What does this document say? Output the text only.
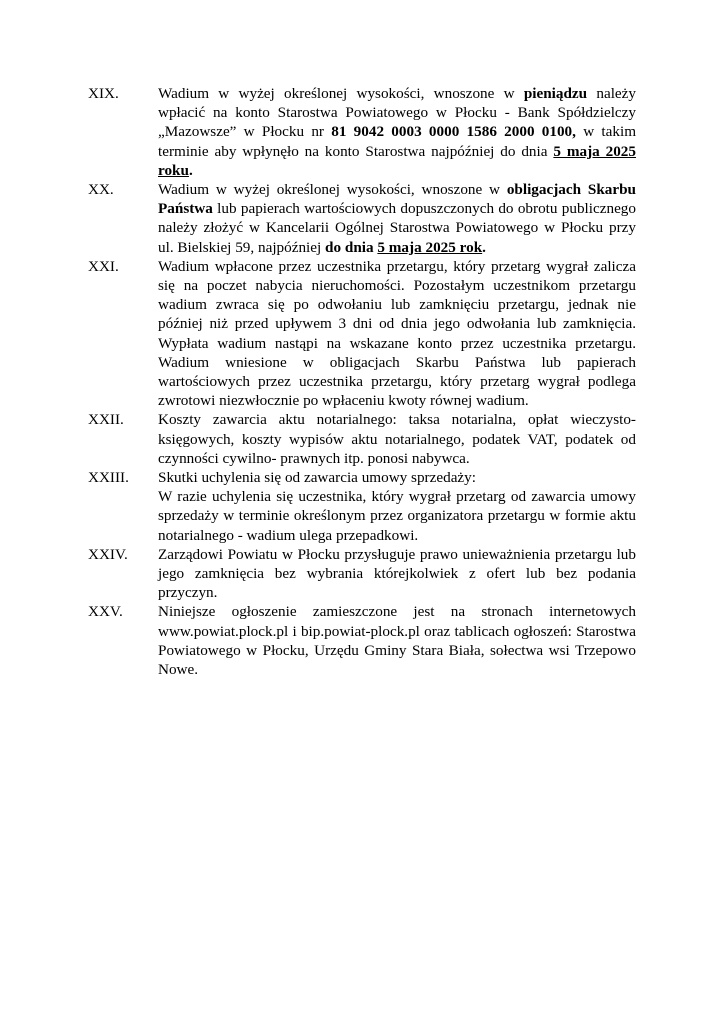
XIX.	Wadium w wyżej określonej wysokości, wnoszone w pieniądzu należy wpłacić na konto Starostwa Powiatowego w Płocku - Bank Spółdzielczy „Mazowsze” w Płocku nr 81 9042 0003 0000 1586 2000 0100, w takim terminie aby wpłynęło na konto Starostwa najpóźniej do dnia 5 maja 2025 roku.
XX.	Wadium w wyżej określonej wysokości, wnoszone w obligacjach Skarbu Państwa lub papierach wartościowych dopuszczonych do obrotu publicznego należy złożyć w Kancelarii Ogólnej Starostwa Powiatowego w Płocku przy ul. Bielskiej 59, najpóźniej do dnia 5 maja 2025 rok.
XXI.	Wadium wpłacone przez uczestnika przetargu, który przetarg wygrał zalicza się na poczet nabycia nieruchomości. Pozostałym uczestnikom przetargu wadium zwraca się po odwołaniu lub zamknięciu przetargu, jednak nie później niż przed upływem 3 dni od dnia jego odwołania lub zamknięcia. Wypłata wadium nastąpi na wskazane konto przez uczestnika przetargu. Wadium wniesione w obligacjach Skarbu Państwa lub papierach wartościowych przez uczestnika przetargu, który przetarg wygrał podlega zwrotowi niezwłocznie po wpłaceniu kwoty równej wadium.
XXII.	Koszty zawarcia aktu notarialnego: taksa notarialna, opłat wieczysto-księgowych, koszty wypisów aktu notarialnego, podatek VAT, podatek od czynności cywilno- prawnych itp. ponosi nabywca.
XXIII.	Skutki uchylenia się od zawarcia umowy sprzedaży:
W razie uchylenia się uczestnika, który wygrał przetarg od zawarcia umowy sprzedaży w terminie określonym przez organizatora przetargu w formie aktu notarialnego - wadium ulega przepadkowi.
XXIV.	Zarządowi Powiatu w Płocku przysługuje prawo unieważnienia przetargu lub jego zamknięcia bez wybrania którejkolwiek z ofert lub bez podania przyczyn.
XXV.	Niniejsze ogłoszenie zamieszczone jest na stronach internetowych www.powiat.plock.pl i bip.powiat-plock.pl oraz tablicach ogłoszeń: Starostwa Powiatowego w Płocku, Urzędu Gminy Stara Biała, sołectwa wsi Trzepowo Nowe.
